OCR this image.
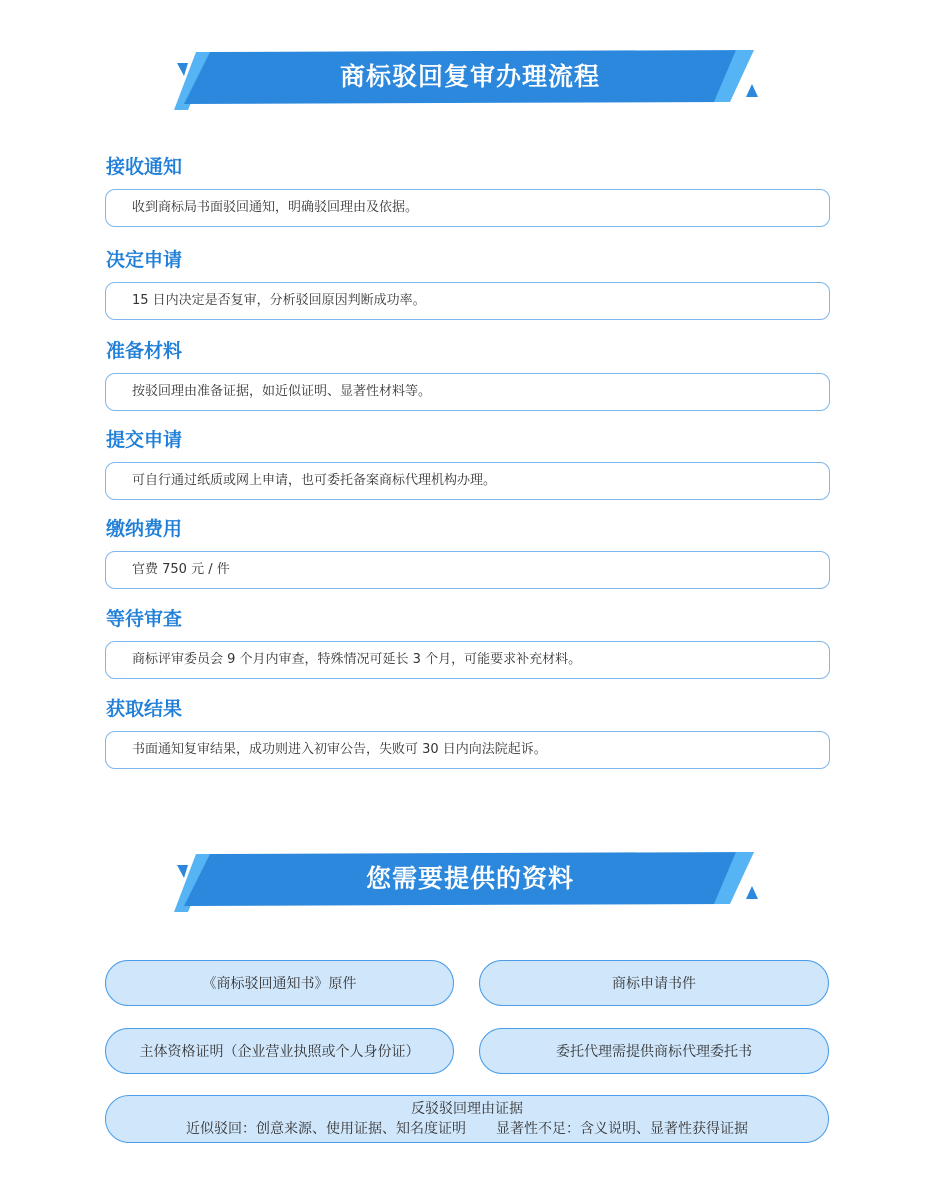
商标驳回复审办理流程
接收通知
收到商标局书面驳回通知，明确驳回理由及依据。
决定申请
15 日内决定是否复审，分析驳回原因判断成功率。
准备材料
按驳回理由准备证据，如近似证明、显著性材料等。
提交申请
可自行通过纸质或网上申请，也可委托备案商标代理机构办理。
缴纳费用
官费 750 元 / 件
等待审查
商标评审委员会 9 个月内审查，特殊情况可延长 3 个月，可能要求补充材料。
获取结果
书面通知复审结果，成功则进入初审公告，失败可 30 日内向法院起诉。
您需要提供的资料
《商标驳回通知书》原件	商标申请书件
主体资格证明（企业营业执照或个人身份证）	委托代理需提供商标代理委托书
反驳驳回理由证据
近似驳回：创意来源、使用证据、知名度证明 显著性不足：含义说明、显著性获得证据
